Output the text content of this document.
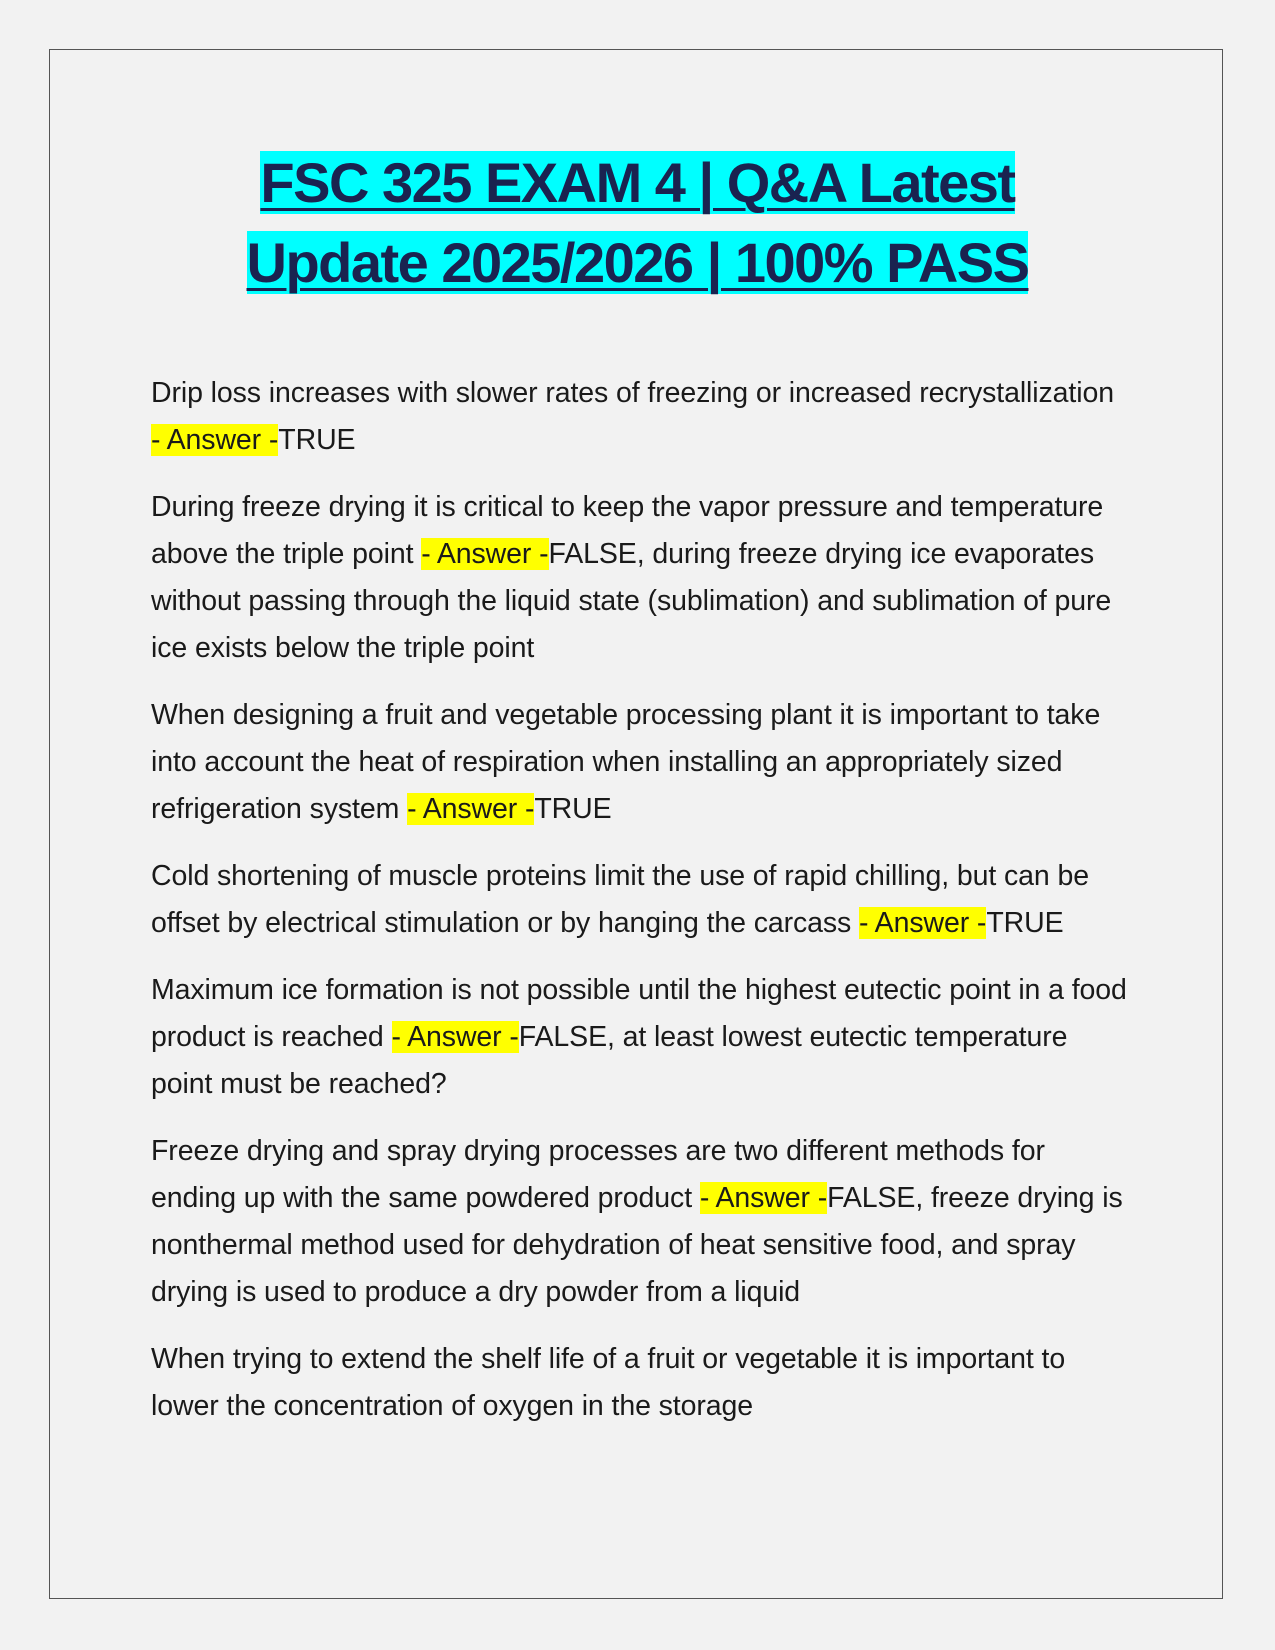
FSC 325 EXAM 4 | Q&A Latest
Update 2025/2026 | 100% PASS
Drip loss increases with slower rates of freezing or increased recrystallization - Answer -TRUE
During freeze drying it is critical to keep the vapor pressure and temperature above the triple point - Answer -FALSE, during freeze drying ice evaporates without passing through the liquid state (sublimation) and sublimation of pure ice exists below the triple point
When designing a fruit and vegetable processing plant it is important to take into account the heat of respiration when installing an appropriately sized refrigeration system - Answer -TRUE
Cold shortening of muscle proteins limit the use of rapid chilling, but can be offset by electrical stimulation or by hanging the carcass - Answer -TRUE
Maximum ice formation is not possible until the highest eutectic point in a food product is reached - Answer -FALSE, at least lowest eutectic temperature point must be reached?
Freeze drying and spray drying processes are two different methods for ending up with the same powdered product - Answer -FALSE, freeze drying is nonthermal method used for dehydration of heat sensitive food, and spray drying is used to produce a dry powder from a liquid
When trying to extend the shelf life of a fruit or vegetable it is important to lower the concentration of oxygen in the storage
